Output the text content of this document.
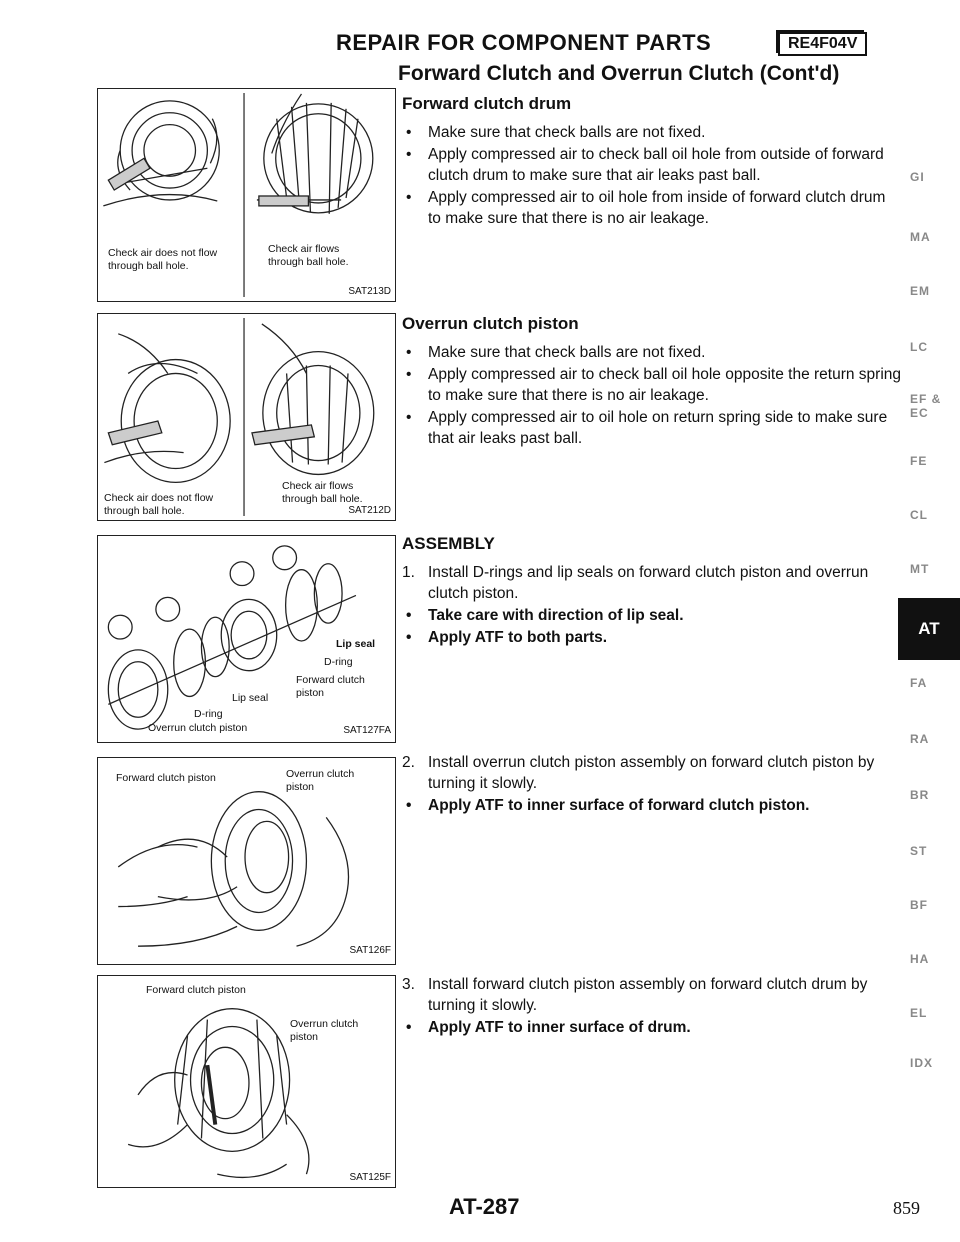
REPAIR FOR COMPONENT PARTS	RE4F04V
Forward Clutch and Overrun Clutch (Cont'd)
Check air does not flow
through ball hole.
Check air flows
through ball hole.
SAT213D
Check air does not flow
through ball hole.
Check air flows
through ball hole.
SAT212D
Lip seal
D-ring
Forward clutch
piston
Lip seal
D-ring
Overrun clutch piston	SAT127FA
Forward clutch piston	Overrun clutch
piston
SAT126F
Forward clutch piston
Overrun clutch
piston
SAT125F
Forward clutch drum
• Make sure that check balls are not fixed.
• Apply compressed air to check ball oil hole from outside of forward clutch drum to make sure that air leaks past ball.
• Apply compressed air to oil hole from inside of forward clutch drum to make sure that there is no air leakage.
Overrun clutch piston
• Make sure that check balls are not fixed.
• Apply compressed air to check ball oil hole opposite the return spring to make sure that there is no air leakage.
• Apply compressed air to oil hole on return spring side to make sure that air leaks past ball.
ASSEMBLY
1. Install D-rings and lip seals on forward clutch piston and overrun clutch piston.
• Take care with direction of lip seal.
• Apply ATF to both parts.
2. Install overrun clutch piston assembly on forward clutch piston by turning it slowly.
• Apply ATF to inner surface of forward clutch piston.
3. Install forward clutch piston assembly on forward clutch drum by turning it slowly.
• Apply ATF to inner surface of drum.
GI
MA
EM
LC
EF &
EC
FE
CL
MT
AT
FA
RA
BR
ST
BF
HA
EL
IDX
AT-287	859
